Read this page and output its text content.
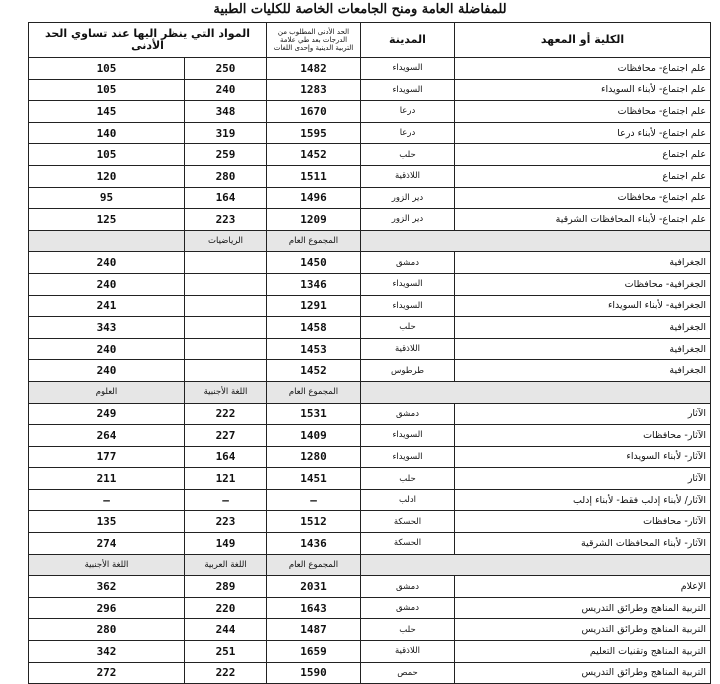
للمفاضلة العامة ومنح الجامعات الخاصة للكليات الطبية
الكلية أو المعهد	المدينة	الحد الأدنى المطلوب من الدرجات بعد طي علامة التربية الدينية وإحدى اللغات	المواد التي ينظر اليها عند تساوي الحد الأدنى	
علم اجتماع- محافظات	السويداء	1482	250	105
علم اجتماع- لأبناء السويداء	السويداء	1283	240	105
علم اجتماع- محافظات	درعا	1670	348	145
علم اجتماع- لأبناء درعا	درعا	1595	319	140
علم اجتماع	حلب	1452	259	105
علم اجتماع	اللاذقية	1511	280	120
علم اجتماع- محافظات	دير الزور	1496	164	95
علم اجتماع- لأبناء المحافظات الشرقية	دير الزور	1209	223	125
		المجموع العام	الرياضيات	
الجغرافية	دمشق	1450		240
الجغرافية- محافظات	السويداء	1346		240
الجغرافية- لأبناء السويداء	السويداء	1291		241
الجغرافية	حلب	1458		343
الجغرافية	اللاذقية	1453		240
الجغرافية	طرطوس	1452		240
		المجموع العام	اللغة الأجنبية	العلوم
الآثار	دمشق	1531	222	249
الآثار- محافظات	السويداء	1409	227	264
الآثار- لأبناء السويداء	السويداء	1280	164	177
الآثار	حلب	1451	121	211
الآثار/ لأبناء إدلب فقط- لأبناء إدلب	ادلب	—	—	—
الآثار- محافظات	الحسكة	1512	223	135
الآثار- لأبناء المحافظات الشرقية	الحسكة	1436	149	274
		المجموع العام	اللغة العربية	اللغة الأجنبية
الإعلام	دمشق	2031	289	362
التربية المناهج وطرائق التدريس	دمشق	1643	220	296
التربية المناهج وطرائق التدريس	حلب	1487	244	280
التربية المناهج وتقنيات التعليم	اللاذقية	1659	251	342
التربية المناهج وطرائق التدريس	حمص	1590	222	272
